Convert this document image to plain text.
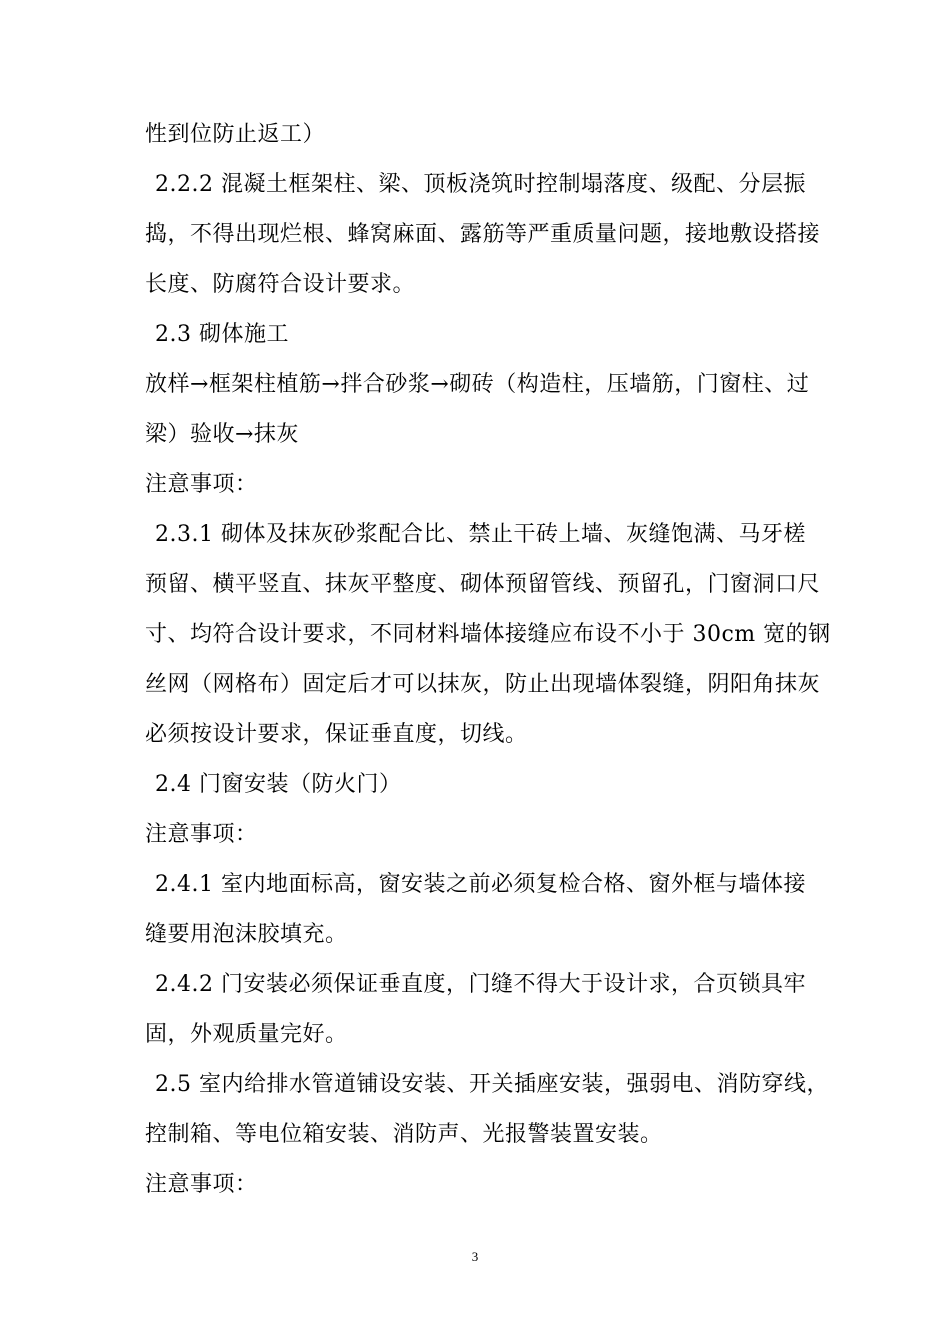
性到位防止返工）
2.2.2 混凝土框架柱、梁、顶板浇筑时控制塌落度、级配、分层振
捣，不得出现烂根、蜂窝麻面、露筋等严重质量问题，接地敷设搭接
长度、防腐符合设计要求。
2.3 砌体施工
放样→框架柱植筋→拌合砂浆→砌砖（构造柱，压墙筋，门窗柱、过
梁）验收→抹灰
注意事项：
2.3.1 砌体及抹灰砂浆配合比、禁止干砖上墙、灰缝饱满、马牙槎
预留、横平竖直、抹灰平整度、砌体预留管线、预留孔，门窗洞口尺
寸、均符合设计要求，不同材料墙体接缝应布设不小于 30cm 宽的钢
丝网（网格布）固定后才可以抹灰，防止出现墙体裂缝，阴阳角抹灰
必须按设计要求，保证垂直度，切线。
2.4 门窗安装（防火门）
注意事项：
2.4.1 室内地面标高，窗安装之前必须复检合格、窗外框与墙体接
缝要用泡沫胶填充。
2.4.2 门安装必须保证垂直度，门缝不得大于设计求，合页锁具牢
固，外观质量完好。
2.5 室内给排水管道铺设安装、开关插座安装，强弱电、消防穿线，
控制箱、等电位箱安装、消防声、光报警装置安装。
注意事项：
3
